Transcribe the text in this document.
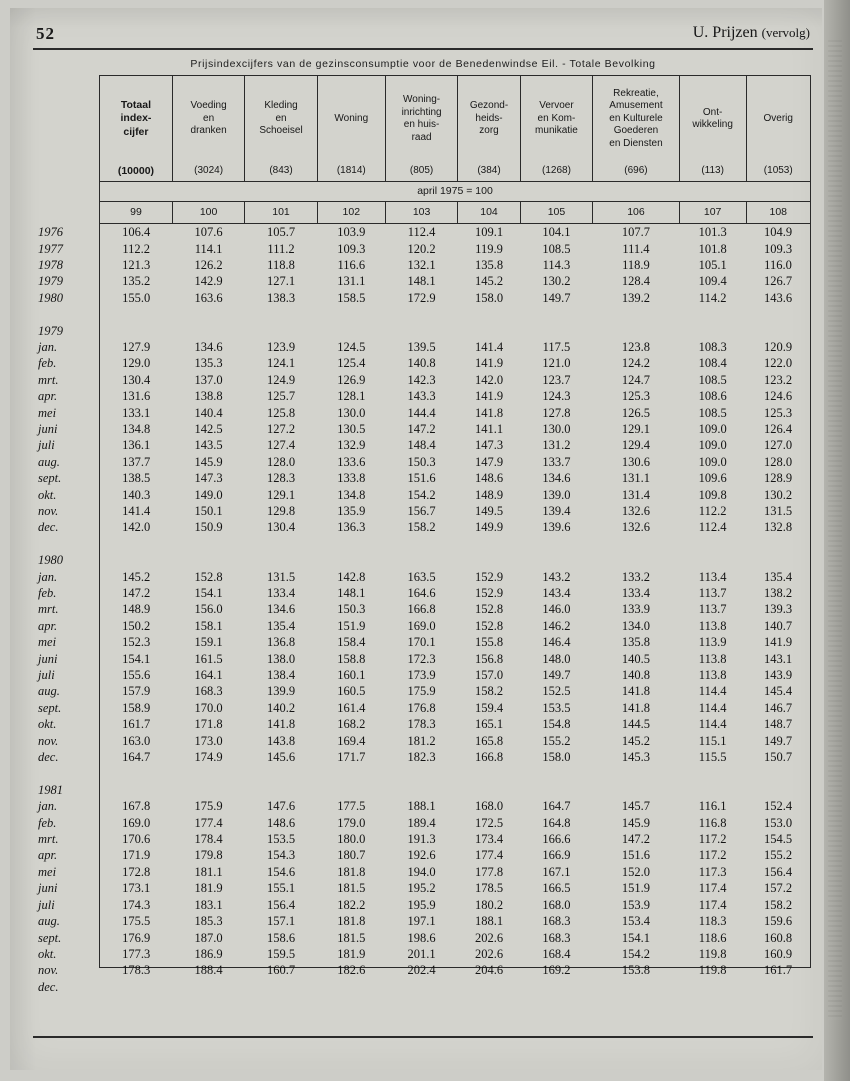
52	U. Prijzen (vervolg)
Prijsindexcijfers van de gezinsconsumptie voor de Benedenwindse Eil. - Totale Bevolking
Totaal
index-
cijfer	Voeding
en
dranken	Kleding
en
Schoeisel	Woning	Woning-
inrichting
en huis-
raad	Gezond-
heids-
zorg	Vervoer
en Kom-
munikatie	Rekreatie,
Amusement
en Kulturele
Goederen
en Diensten	Ont-
wikkeling	Overig
(10000)	(3024)	(843)	(1814)	(805)	(384)	(1268)	(696)	(113)	(1053)
april 1975 = 100
99	100	101	102	103	104	105	106	107	108
1976 106.4	107.6	105.7	103.9	112.4	109.1	104.1	107.7	101.3	104.9

1977 112.2	114.1	111.2	109.3	120.2	119.9	108.5	111.4	101.8	109.3

1978 121.3	126.2	118.8	116.6	132.1	135.8	114.3	118.9	105.1	116.0

1979 135.2	142.9	127.1	131.1	148.1	145.2	130.2	128.4	109.4	126.7

1980 155.0	163.6	138.3	158.5	172.9	158.0	149.7	139.2	114.2	143.6

1979									

jan. 127.9	134.6	123.9	124.5	139.5	141.4	117.5	123.8	108.3	120.9

feb. 129.0	135.3	124.1	125.4	140.8	141.9	121.0	124.2	108.4	122.0

mrt. 130.4	137.0	124.9	126.9	142.3	142.0	123.7	124.7	108.5	123.2

apr. 131.6	138.8	125.7	128.1	143.3	141.9	124.3	125.3	108.6	124.6

mei 133.1	140.4	125.8	130.0	144.4	141.8	127.8	126.5	108.5	125.3

juni 134.8	142.5	127.2	130.5	147.2	141.1	130.0	129.1	109.0	126.4

juli 136.1	143.5	127.4	132.9	148.4	147.3	131.2	129.4	109.0	127.0

aug. 137.7	145.9	128.0	133.6	150.3	147.9	133.7	130.6	109.0	128.0

sept. 138.5	147.3	128.3	133.8	151.6	148.6	134.6	131.1	109.6	128.9

okt. 140.3	149.0	129.1	134.8	154.2	148.9	139.0	131.4	109.8	130.2

nov. 141.4	150.1	129.8	135.9	156.7	149.5	139.4	132.6	112.2	131.5

dec. 142.0	150.9	130.4	136.3	158.2	149.9	139.6	132.6	112.4	132.8

1980									

jan. 145.2	152.8	131.5	142.8	163.5	152.9	143.2	133.2	113.4	135.4

feb. 147.2	154.1	133.4	148.1	164.6	152.9	143.4	133.4	113.7	138.2

mrt. 148.9	156.0	134.6	150.3	166.8	152.8	146.0	133.9	113.7	139.3

apr. 150.2	158.1	135.4	151.9	169.0	152.8	146.2	134.0	113.8	140.7

mei 152.3	159.1	136.8	158.4	170.1	155.8	146.4	135.8	113.9	141.9

juni 154.1	161.5	138.0	158.8	172.3	156.8	148.0	140.5	113.8	143.1

juli 155.6	164.1	138.4	160.1	173.9	157.0	149.7	140.8	113.8	143.9

aug. 157.9	168.3	139.9	160.5	175.9	158.2	152.5	141.8	114.4	145.4

sept. 158.9	170.0	140.2	161.4	176.8	159.4	153.5	141.8	114.4	146.7

okt. 161.7	171.8	141.8	168.2	178.3	165.1	154.8	144.5	114.4	148.7

nov. 163.0	173.0	143.8	169.4	181.2	165.8	155.2	145.2	115.1	149.7

dec. 164.7	174.9	145.6	171.7	182.3	166.8	158.0	145.3	115.5	150.7

1981									

jan. 167.8	175.9	147.6	177.5	188.1	168.0	164.7	145.7	116.1	152.4

feb. 169.0	177.4	148.6	179.0	189.4	172.5	164.8	145.9	116.8	153.0

mrt. 170.6	178.4	153.5	180.0	191.3	173.4	166.6	147.2	117.2	154.5

apr. 171.9	179.8	154.3	180.7	192.6	177.4	166.9	151.6	117.2	155.2

mei 172.8	181.1	154.6	181.8	194.0	177.8	167.1	152.0	117.3	156.4

juni 173.1	181.9	155.1	181.5	195.2	178.5	166.5	151.9	117.4	157.2

juli 174.3	183.1	156.4	182.2	195.9	180.2	168.0	153.9	117.4	158.2

aug. 175.5	185.3	157.1	181.8	197.1	188.1	168.3	153.4	118.3	159.6

sept. 176.9	187.0	158.6	181.5	198.6	202.6	168.3	154.1	118.6	160.8

okt. 177.3	186.9	159.5	181.9	201.1	202.6	168.4	154.2	119.8	160.9

nov. 178.3	188.4	160.7	182.6	202.4	204.6	169.2	153.8	119.8	161.7

dec.									
